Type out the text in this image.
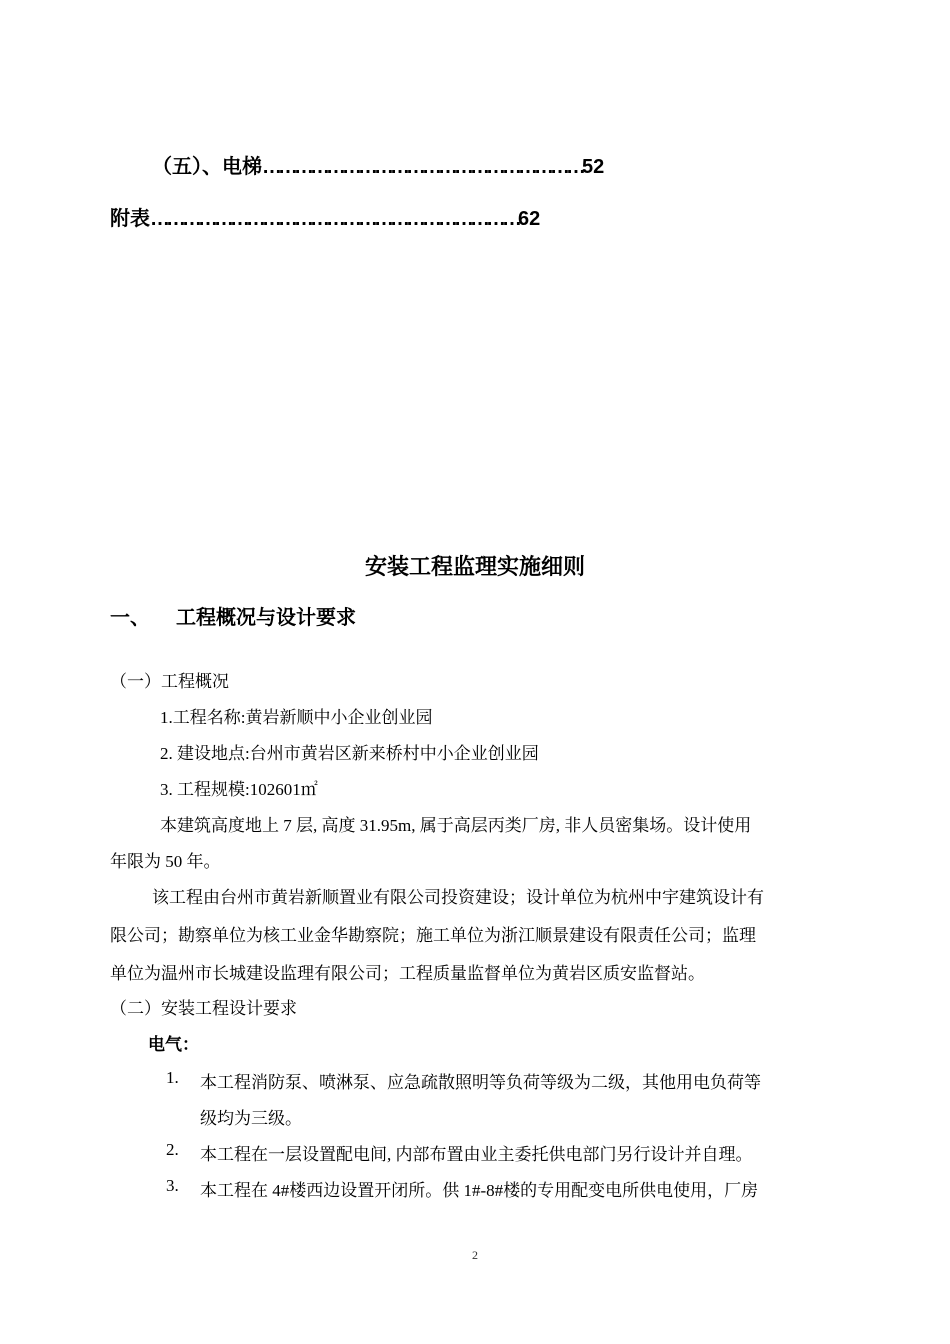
（五）、电梯……………………………………………………52
附表……………………………………………………………62
安装工程监理实施细则
一、 工程概况与设计要求
（一）工程概况
1.工程名称:黄岩新顺中小企业创业园
2. 建设地点:台州市黄岩区新来桥村中小企业创业园
3. 工程规模:102601㎡
本建筑高度地上 7 层, 高度 31.95m, 属于高层丙类厂房, 非人员密集场。设计使用
年限为 50 年。
该工程由台州市黄岩新顺置业有限公司投资建设；设计单位为杭州中宇建筑设计有
限公司；勘察单位为核工业金华勘察院；施工单位为浙江顺景建设有限责任公司；监理
单位为温州市长城建设监理有限公司；工程质量监督单位为黄岩区质安监督站。
（二）安装工程设计要求
电气：
1. 本工程消防泵、喷淋泵、应急疏散照明等负荷等级为二级，其他用电负荷等
级均为三级。
2. 本工程在一层设置配电间, 内部布置由业主委托供电部门另行设计并自理。
3. 本工程在 4#楼西边设置开闭所。供 1#-8#楼的专用配变电所供电使用，厂房
2
